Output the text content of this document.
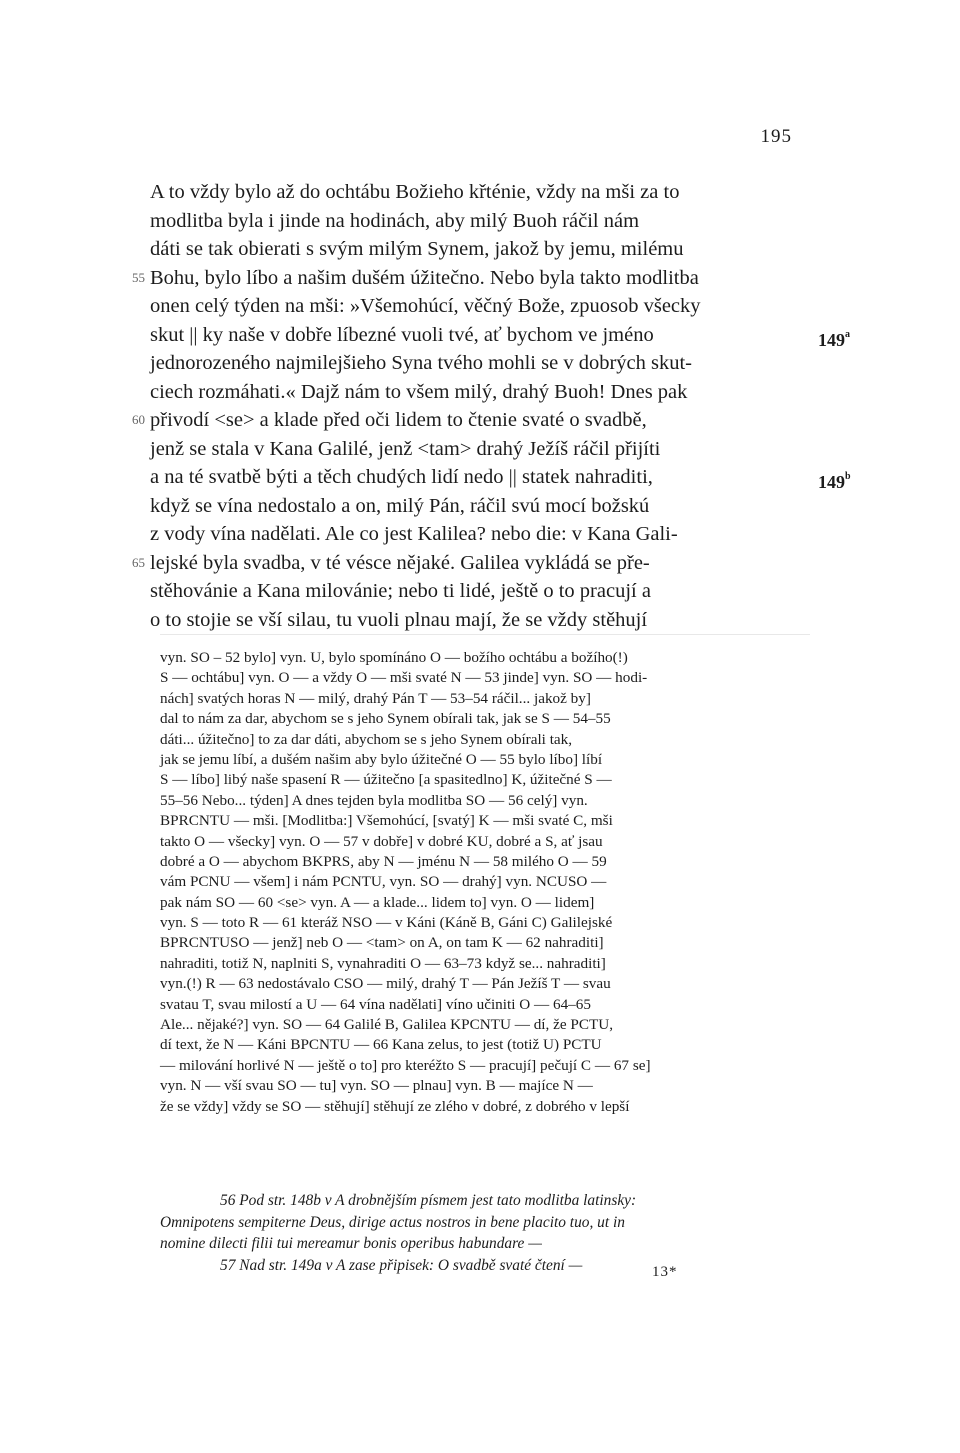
195
A to vždy bylo až do ochtábu Božieho křténie, vždy na mši za to
modlitba byla i jinde na hodinách, aby milý Buoh ráčil nám
dáti se tak obierati s svým milým Synem, jakož by jemu, milému
55 Bohu, bylo líbo a našim dušém úžitečno. Nebo byla takto modlitba
onen celý týden na mši: »Všemohúcí, věčný Bože, zpuosob všecky
skut || ky naše v dobře líbezné vuoli tvé, ať bychom ve jméno	149$^a$
jednorozeného najmilejšieho Syna tvého mohli se v dobrých skut-
ciech rozmáhati.« Dajž nám to všem milý, drahý Buoh! Dnes pak
60 přivodí <se> a klade před oči lidem to čtenie svaté o svadbě,
jenž se stala v Kana Galilé, jenž <tam> drahý Ježíš ráčil přijíti
a na té svatbě býti a těch chudých lidí nedo || statek nahraditi,	149$^b$
když se vína nedostalo a on, milý Pán, ráčil svú mocí božskú
z vody vína nadělati. Ale co jest Kalilea? nebo die: v Kana Gali-
65 lejské byla svadba, v té vésce nějaké. Galilea vykládá se pře-
stěhovánie a Kana milovánie; nebo ti lidé, ještě o to pracují a
o to stojie se vší silau, tu vuoli plnau mají, že se vždy stěhují
vyn. SO – 52 bylo] vyn. U, bylo spomínáno O — božího ochtábu a božího(!)
S — ochtábu] vyn. O — a vždy O — mši svaté N — 53 jinde] vyn. SO — hodi-
nách] svatých horas N — milý, drahý Pán T — 53–54 ráčil... jakož by]
dal to nám za dar, abychom se s jeho Synem obírali tak, jak se S — 54–55
dáti... úžitečno] to za dar dáti, abychom se s jeho Synem obírali tak,
jak se jemu líbí, a dušém našim aby bylo úžitečné O — 55 bylo líbo] líbí
S — líbo] libý naše spasení R — úžitečno [a spasitedlno] K, úžitečné S —
55–56 Nebo... týden] A dnes tejden byla modlitba SO — 56 celý] vyn.
BPRCNTU — mši. [Modlitba:] Všemohúcí, [svatý] K — mši svaté C, mši
takto O — všecky] vyn. O — 57 v dobře] v dobré KU, dobré a S, ať jsau
dobré a O — abychom BKPRS, aby N — jménu N — 58 milého O — 59
vám PCNU — všem] i nám PCNTU, vyn. SO — drahý] vyn. NCUSO —
pak nám SO — 60 <se> vyn. A — a klade... lidem to] vyn. O — lidem]
vyn. S — toto R — 61 kteráž NSO — v Káni (Káně B, Gáni C) Galilejské
BPRCNTUSO — jenž] neb O — <tam> on A, on tam K — 62 nahraditi]
nahraditi, totiž N, naplniti S, vynahraditi O — 63–73 když se... nahraditi]
vyn.(!) R — 63 nedostávalo CSO — milý, drahý T — Pán Ježíš T — svau
svatau T, svau milostí a U — 64 vína nadělati] víno učiniti O — 64–65
Ale... nějaké?] vyn. SO — 64 Galilé B, Galilea KPCNTU — dí, že PCTU,
dí text, že N — Káni BPCNTU — 66 Kana zelus, to jest (totiž U) PCTU
— milování horlivé N — ještě o to] pro kteréžto S — pracují] pečují C — 67 se]
vyn. N — vší svau SO — tu] vyn. SO — plnau] vyn. B — majíce N —
že se vždy] vždy se SO — stěhují] stěhují ze zlého v dobré, z dobrého v lepší
56 Pod str. 148b v A drobnějším písmem jest tato modlitba latinsky:
Omnipotens sempiterne Deus, dirige actus nostros in bene placito tuo, ut in
nomine dilecti filii tui mereamur bonis operibus habundare —
57 Nad str. 149a v A zase připisek: O svadbě svaté čtení —	13*
